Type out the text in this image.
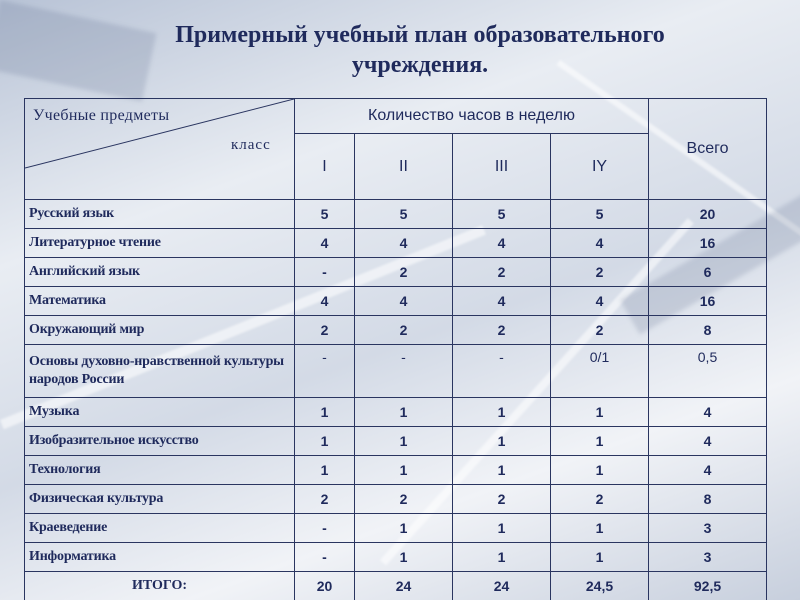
Примерный учебный план образовательного учреждения.
Учебные предметы
класс	Количество часов в неделю				Всего
	I	II	III	IY	
Русский язык	5	5	5	5	20
Литературное чтение	4	4	4	4	16
Английский язык	-	2	2	2	6
Математика	4	4	4	4	16
Окружающий мир	2	2	2	2	8
Основы духовно-нравственной культуры народов России	-	-	-	0/1	0,5
Музыка	1	1	1	1	4
Изобразительное искусство	1	1	1	1	4
Технология	1	1	1	1	4
Физическая культура	2	2	2	2	8
Краеведение	-	1	1	1	3
Информатика	-	1	1	1	3
ИТОГО:	20	24	24	24,5	92,5
